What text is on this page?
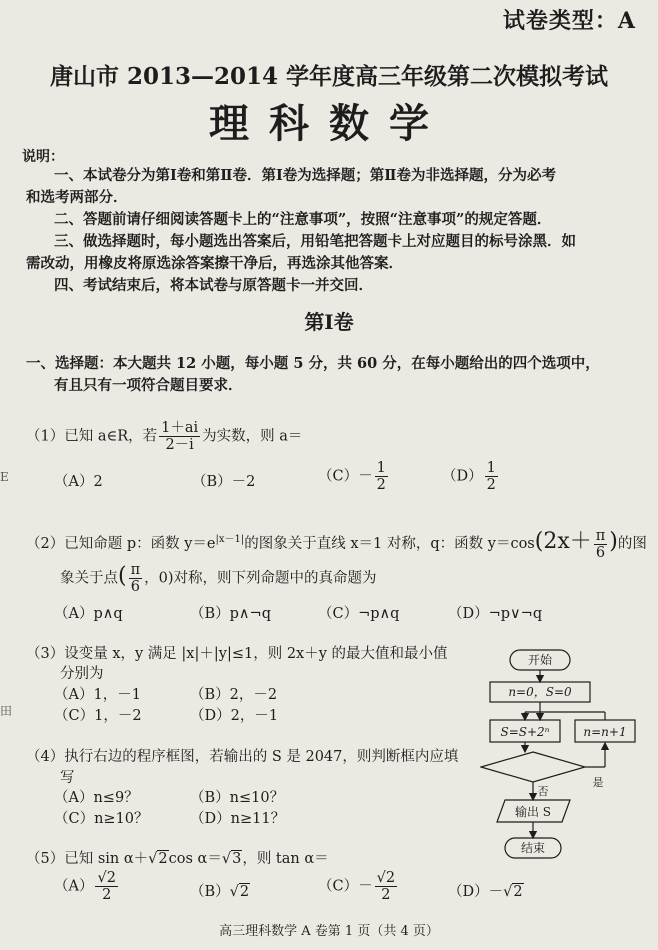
试卷类型：A
唐山市 2013—2014 学年度高三年级第二次模拟考试
理科数学
说明：
一、本试卷分为第Ⅰ卷和第Ⅱ卷．第Ⅰ卷为选择题；第Ⅱ卷为非选择题，分为必考
和选考两部分．
二、答题前请仔细阅读答题卡上的“注意事项”，按照“注意事项”的规定答题．
三、做选择题时，每小题选出答案后，用铅笔把答题卡上对应题目的标号涂黑．如
需改动，用橡皮将原选涂答案擦干净后，再选涂其他答案．
四、考试结束后，将本试卷与原答题卡一并交回．
第Ⅰ卷
一、选择题：本大题共 12 小题，每小题 5 分，共 60 分，在每小题给出的四个选项中，
有且只有一项符合题目要求．
E
田
（1）已知 a∈R，若 $\frac{1+ai}{2-i}$ 为实数，则 a＝
（A）2	（B）－2	$(C)- \frac{1}{2}$	$(D) \frac{1}{2}$
（2）已知命题 p：函数 $y=e^{|x-1|}$的图象关于直线 x＝1 对称，q：函数 $y=\cos(2x+ \frac{\pi}{6}$ )的图
象关于点( $\frac{\pi}{6}$ ，0)对称，则下列命题中的真命题为
（A）p∧q	（B）p∧¬q	（C）¬p∧q	（D）¬p∨¬q
（3）设变量 x，y 满足 |x|＋|y|≤1，则 2x＋y 的最大值和最小值
分别为
（A）1，－1	（B）2，－2
（C）1，－2	（D）2，－1
（4）执行右边的程序框图，若输出的 S 是 2047，则判断框内应填
写
（A）n≤9？	（B）n≤10？
（C）n≥10？	（D）n≥11？
（5）已知 sin α＋√2cos α＝√3，则 tan α＝
$(A) \frac{√2}{2}$	（B）√2	$(C)- \frac{√2}{2}$	（D）－√2
开始
n=0，S=0
S=S+2ⁿ	n=n+1
否
是
输出 S
结束
高三理科数学 A 卷第 1 页（共 4 页）
